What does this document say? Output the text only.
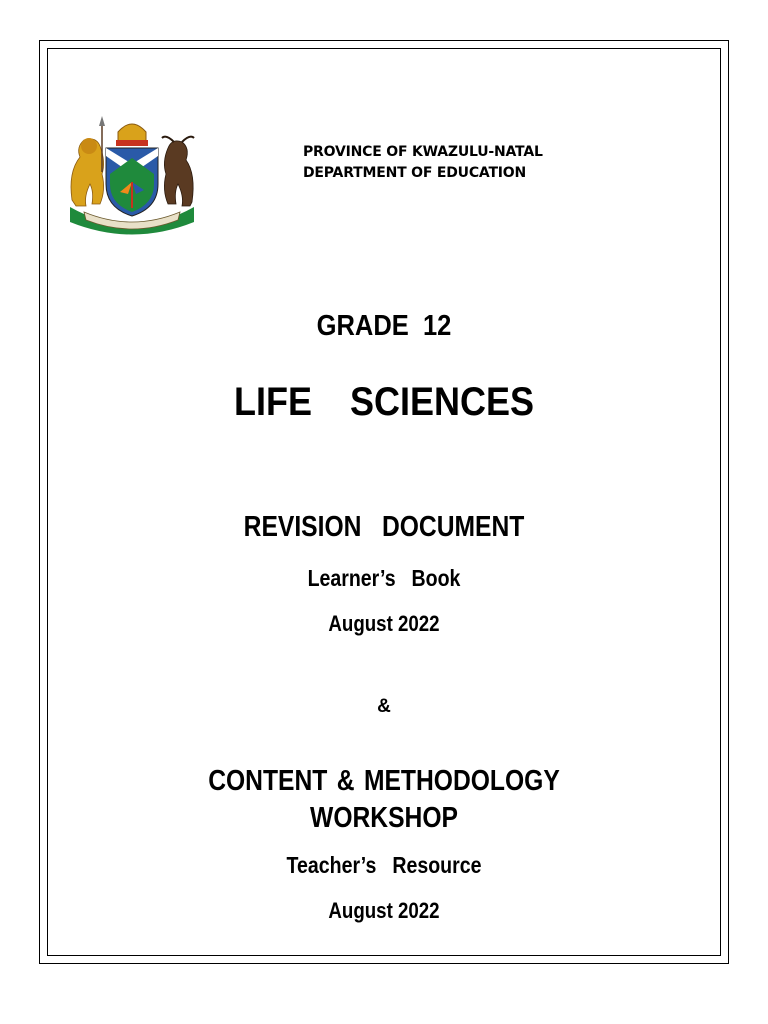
PROVINCE OF KWAZULU-NATAL
DEPARTMENT OF EDUCATION
GRADE  12
LIFE  SCIENCES
REVISION  DOCUMENT
Learner’s  Book
August 2022
&
CONTENT & METHODOLOGY
WORKSHOP
Teacher’s  Resource
August 2022
